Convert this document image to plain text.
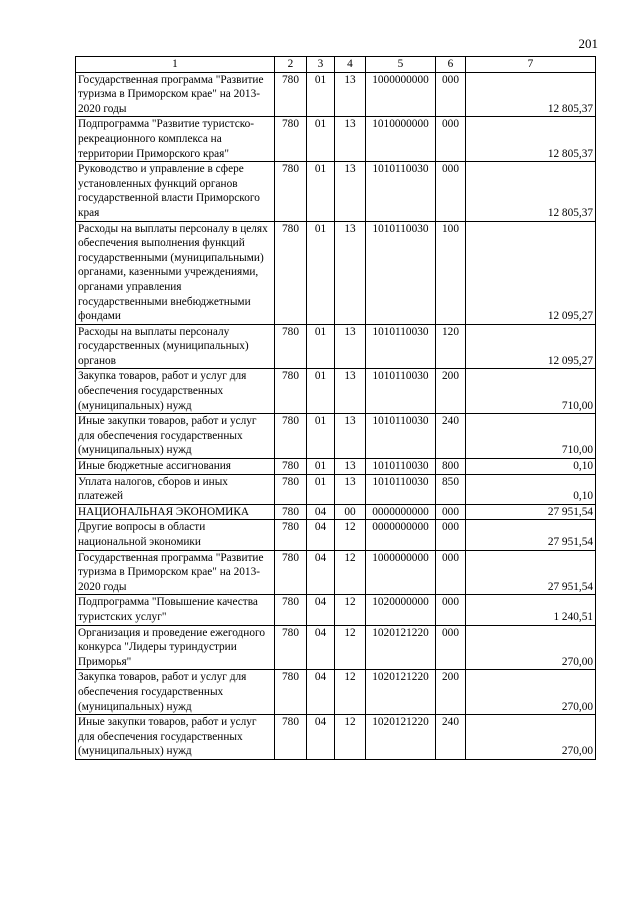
201
1	2	3	4	5	6	7
Государственная программа "Развитие туризма в Приморском крае" на 2013-2020 годы	780	01	13	1000000000	000	12 805,37
Подпрограмма "Развитие туристско-рекреационного комплекса на территории Приморского края"	780	01	13	1010000000	000	12 805,37
Руководство и управление в сфере установленных функций органов государственной власти Приморского края	780	01	13	1010110030	000	12 805,37
Расходы на выплаты персоналу в целях обеспечения выполнения функций государственными (муниципальными) органами, казенными учреждениями, органами управления государственными внебюджетными фондами	780	01	13	1010110030	100	12 095,27
Расходы на выплаты персоналу государственных (муниципальных) органов	780	01	13	1010110030	120	12 095,27
Закупка товаров, работ и услуг для обеспечения государственных (муниципальных) нужд	780	01	13	1010110030	200	710,00
Иные закупки товаров, работ и услуг для обеспечения государственных (муниципальных) нужд	780	01	13	1010110030	240	710,00
Иные бюджетные ассигнования	780	01	13	1010110030	800	0,10
Уплата налогов, сборов и иных платежей	780	01	13	1010110030	850	0,10
НАЦИОНАЛЬНАЯ ЭКОНОМИКА	780	04	00	0000000000	000	27 951,54
Другие вопросы в области национальной экономики	780	04	12	0000000000	000	27 951,54
Государственная программа "Развитие туризма в Приморском крае" на 2013-2020 годы	780	04	12	1000000000	000	27 951,54
Подпрограмма "Повышение качества туристских услуг"	780	04	12	1020000000	000	1 240,51
Организация и проведение ежегодного конкурса "Лидеры туриндустрии Приморья"	780	04	12	1020121220	000	270,00
Закупка товаров, работ и услуг для обеспечения государственных (муниципальных) нужд	780	04	12	1020121220	200	270,00
Иные закупки товаров, работ и услуг для обеспечения государственных (муниципальных) нужд	780	04	12	1020121220	240	270,00
